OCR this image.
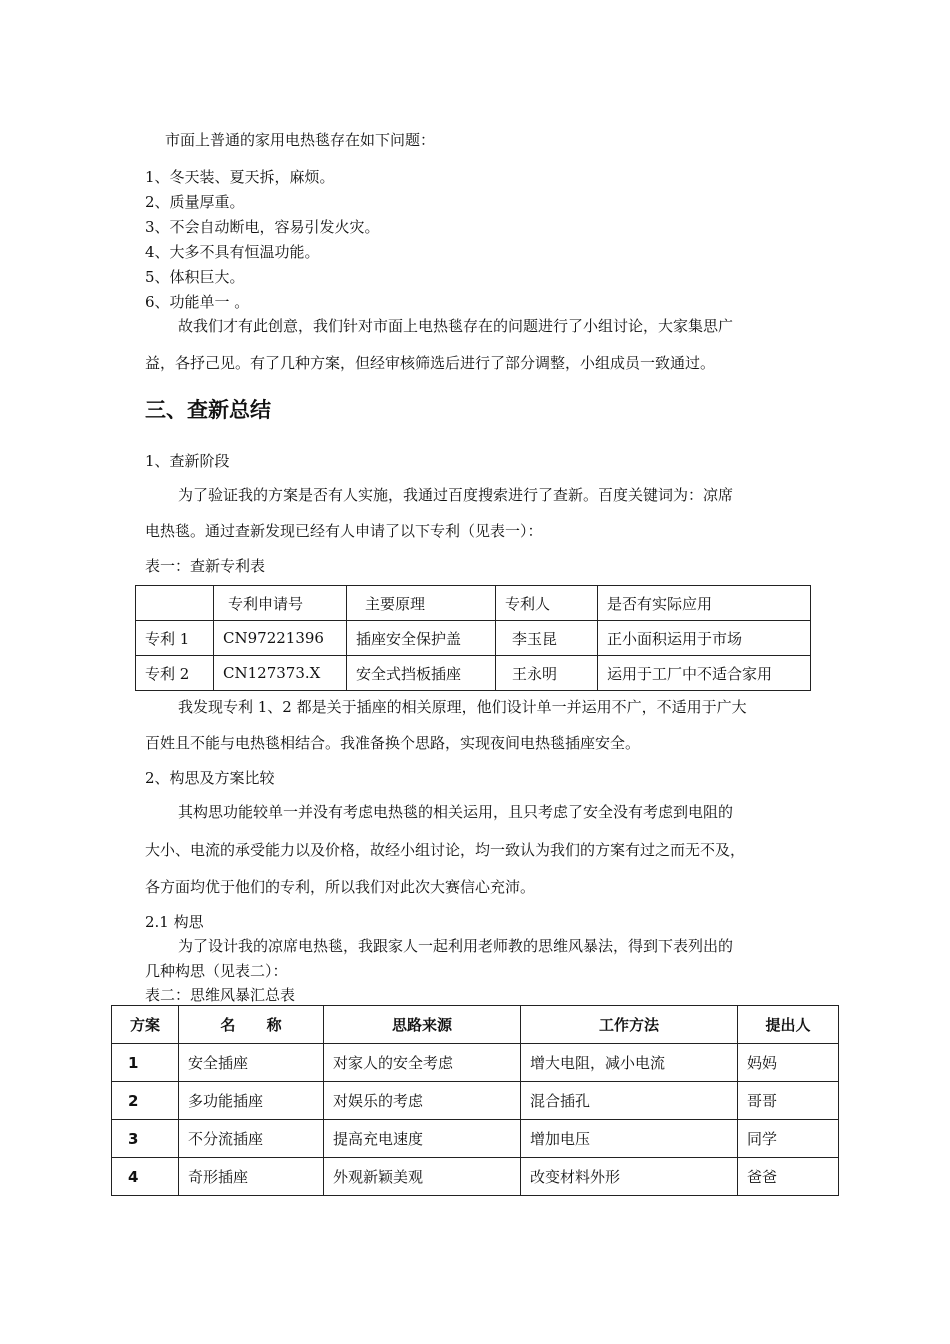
市面上普通的家用电热毯存在如下问题：
1、冬天装、夏天拆，麻烦。
2、质量厚重。
3、不会自动断电，容易引发火灾。
4、大多不具有恒温功能。
5、体积巨大。
6、功能单一 。
故我们才有此创意，我们针对市面上电热毯存在的问题进行了小组讨论，大家集思广
益，各抒己见。有了几种方案，但经审核筛选后进行了部分调整，小组成员一致通过。
三、查新总结
1、查新阶段
为了验证我的方案是否有人实施，我通过百度搜索进行了查新。百度关键词为：凉席
电热毯。通过查新发现已经有人申请了以下专利（见表一）：
表一：查新专利表
	专利申请号	主要原理	专利人	是否有实际应用
专利 1	CN97221396	插座安全保护盖	李玉昆	正小面积运用于市场
专利 2	CN127373.X	安全式挡板插座	王永明	运用于工厂中不适合家用
我发现专利 1、2 都是关于插座的相关原理，他们设计单一并运用不广，不适用于广大
百姓且不能与电热毯相结合。我准备换个思路，实现夜间电热毯插座安全。
2、构思及方案比较
其构思功能较单一并没有考虑电热毯的相关运用，且只考虑了安全没有考虑到电阻的
大小、电流的承受能力以及价格，故经小组讨论，均一致认为我们的方案有过之而无不及，
各方面均优于他们的专利，所以我们对此次大赛信心充沛。
2.1 构思
为了设计我的凉席电热毯，我跟家人一起利用老师教的思维风暴法，得到下表列出的
几种构思（见表二）：
表二：思维风暴汇总表
方案	名      称	思路来源	工作方法	提出人
1	安全插座	对家人的安全考虑	增大电阻，减小电流	妈妈
2	多功能插座	对娱乐的考虑	混合插孔	哥哥
3	不分流插座	提高充电速度	增加电压	同学
4	奇形插座	外观新颖美观	改变材料外形	爸爸
